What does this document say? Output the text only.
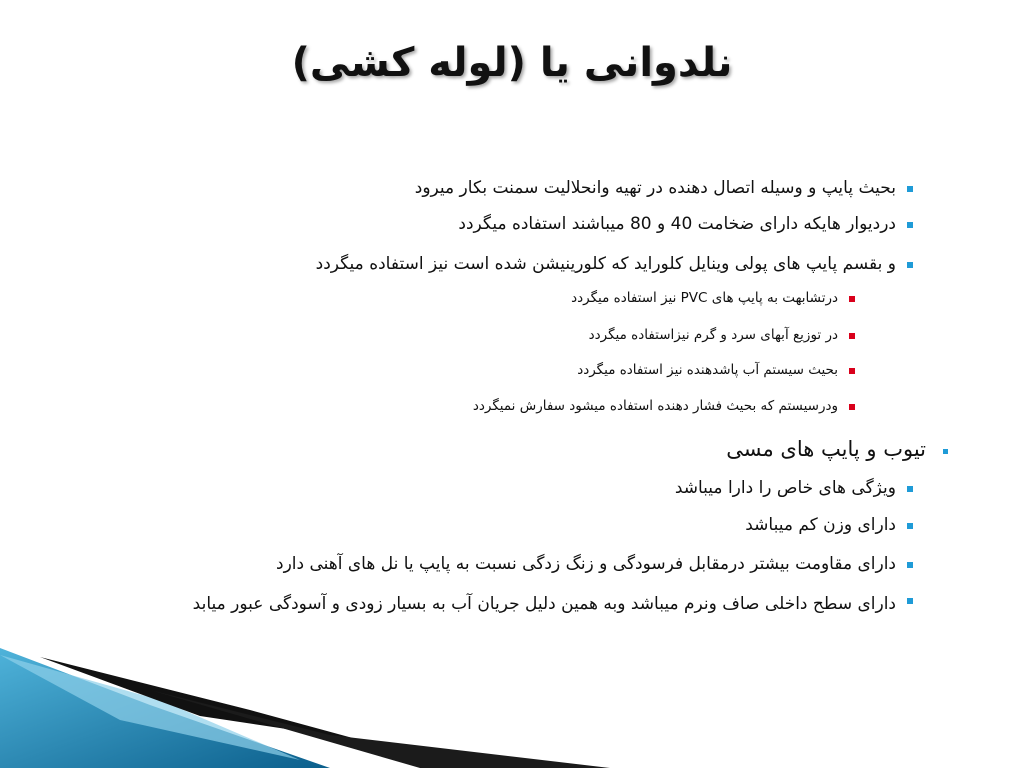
نلدوانی یا (لوله کشی)
بحیث پایپ و وسیله اتصال دهنده در تهیه وانحلالیت سمنت بکار میرود
دردیوار هایکه دارای ضخامت 40 و 80 میباشند استفاده میگردد
و بقسم پایپ های پولی وینایل کلوراید که کلورینیشن شده است نیز استفاده میگردد
درتشابهت به پایپ های PVC نیز استفاده میگردد
در توزیع آبهای سرد و گرم نیزاستفاده میگردد
بحیث سیستم آب پاشدهنده نیز استفاده میگردد
ودرسیستم که بحیث فشار دهنده استفاده میشود سفارش نمیگردد
تیوب و پایپ های مسی
ویژگی های خاص را دارا میباشد
دارای وزن کم میباشد
دارای مقاومت بیشتر درمقابل فرسودگی و زنگ زدگی نسبت به پایپ یا نل های آهنی دارد
دارای سطح داخلی صاف ونرم میباشد وبه همین دلیل جریان آب به بسیار زودی و آسودگی عبور میابد
